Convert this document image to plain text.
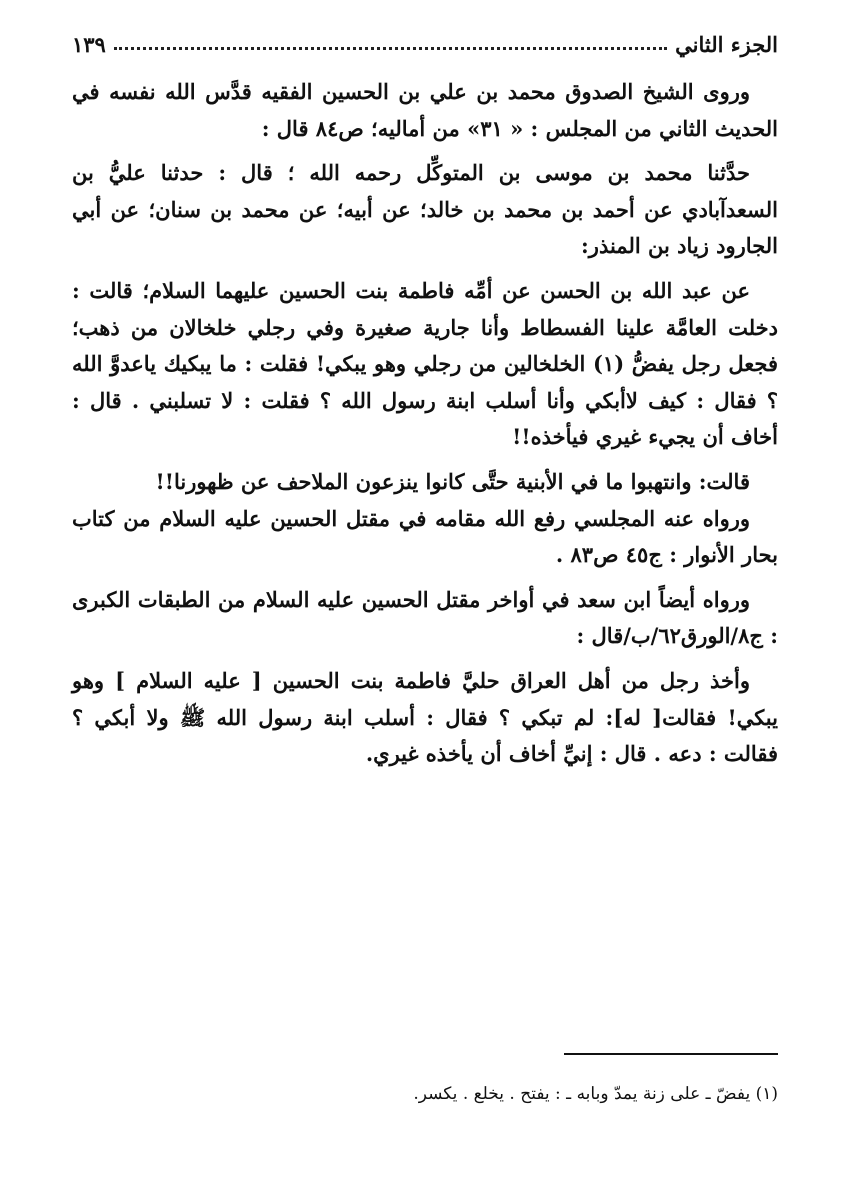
الجزء الثاني
١٣٩

وروى الشيخ الصدوق محمد بن علي بن الحسين الفقيه قدَّس الله نفسه في الحديث الثاني من المجلس : « ٣١» من أماليه؛ ص٨٤ قال :

حدَّثنا محمد بن موسى بن المتوكِّل رحمه الله ؛ قال : حدثنا عليُّ بن السعدآبادي عن أحمد بن محمد بن خالد؛ عن أبيه؛ عن محمد بن سنان؛ عن أبي الجارود زياد بن المنذر:

عن عبد الله بن الحسن عن أمِّه فاطمة بنت الحسين عليهما السلام؛ قالت : دخلت العامَّة علينا الفسطاط وأنا جارية صغيرة وفي رجلي خلخالان من ذهب؛ فجعل رجل يفضُّ (١) الخلخالين من رجلي وهو يبكي! فقلت : ما يبكيك ياعدوَّ الله ؟ فقال : كيف لاأبكي وأنا أسلب ابنة رسول الله ؟ فقلت : لا تسلبني . قال : أخاف أن يجيء غيري فيأخذه!!

قالت: وانتهبوا ما في الأبنية حتَّى كانوا ينزعون الملاحف عن ظهورنا!!

ورواه عنه المجلسي رفع الله مقامه في مقتل الحسين عليه السلام من كتاب بحار الأنوار : ج٤٥ ص٨٣ .

ورواه أيضاً ابن سعد في أواخر مقتل الحسين عليه السلام من الطبقات الكبرى : ج٨/الورق٦٢/ب/قال :

وأخذ رجل من أهل العراق حليَّ فاطمة بنت الحسين [ عليه السلام ] وهو يبكي! فقالت[ له]: لم تبكي ؟ فقال : أسلب ابنة رسول الله ﷺ ولا أبكي ؟ فقالت : دعه . قال : إنيِّ أخاف أن يأخذه غيري.

(١) يفضّ ـ على زنة يمدّ وبابه ـ : يفتح . يخلع . يكسر.
